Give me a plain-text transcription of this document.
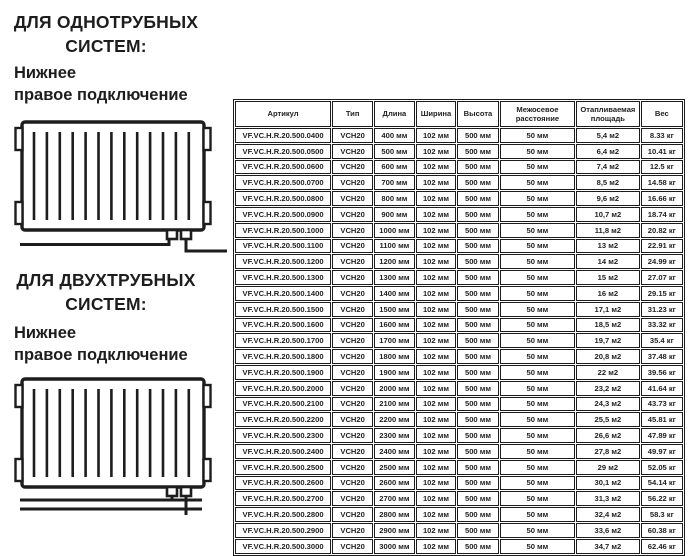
ДЛЯ ОДНОТРУБНЫХ
СИСТЕМ:
Нижнее
правое подключение
ДЛЯ ДВУХТРУБНЫХ
СИСТЕМ:
Нижнее
правое подключение
Артикул	Тип	Длина	Ширина	Высота	Межосевое расстояние	Отапливаемая площадь	Вес
VF.VC.H.R.20.500.0400	VCH20	400 мм	102 мм	500 мм	50 мм	5,4 м2	8.33 кг
VF.VC.H.R.20.500.0500	VCH20	500 мм	102 мм	500 мм	50 мм	6,4 м2	10.41 кг
VF.VC.H.R.20.500.0600	VCH20	600 мм	102 мм	500 мм	50 мм	7,4 м2	12.5 кг
VF.VC.H.R.20.500.0700	VCH20	700 мм	102 мм	500 мм	50 мм	8,5 м2	14.58 кг
VF.VC.H.R.20.500.0800	VCH20	800 мм	102 мм	500 мм	50 мм	9,6 м2	16.66 кг
VF.VC.H.R.20.500.0900	VCH20	900 мм	102 мм	500 мм	50 мм	10,7 м2	18.74 кг
VF.VC.H.R.20.500.1000	VCH20	1000 мм	102 мм	500 мм	50 мм	11,8 м2	20.82 кг
VF.VC.H.R.20.500.1100	VCH20	1100 мм	102 мм	500 мм	50 мм	13 м2	22.91 кг
VF.VC.H.R.20.500.1200	VCH20	1200 мм	102 мм	500 мм	50 мм	14 м2	24.99 кг
VF.VC.H.R.20.500.1300	VCH20	1300 мм	102 мм	500 мм	50 мм	15 м2	27.07 кг
VF.VC.H.R.20.500.1400	VCH20	1400 мм	102 мм	500 мм	50 мм	16 м2	29.15 кг
VF.VC.H.R.20.500.1500	VCH20	1500 мм	102 мм	500 мм	50 мм	17,1 м2	31.23 кг
VF.VC.H.R.20.500.1600	VCH20	1600 мм	102 мм	500 мм	50 мм	18,5 м2	33.32 кг
VF.VC.H.R.20.500.1700	VCH20	1700 мм	102 мм	500 мм	50 мм	19,7 м2	35.4 кг
VF.VC.H.R.20.500.1800	VCH20	1800 мм	102 мм	500 мм	50 мм	20,8 м2	37.48 кг
VF.VC.H.R.20.500.1900	VCH20	1900 мм	102 мм	500 мм	50 мм	22 м2	39.56 кг
VF.VC.H.R.20.500.2000	VCH20	2000 мм	102 мм	500 мм	50 мм	23,2 м2	41.64 кг
VF.VC.H.R.20.500.2100	VCH20	2100 мм	102 мм	500 мм	50 мм	24,3 м2	43.73 кг
VF.VC.H.R.20.500.2200	VCH20	2200 мм	102 мм	500 мм	50 мм	25,5 м2	45.81 кг
VF.VC.H.R.20.500.2300	VCH20	2300 мм	102 мм	500 мм	50 мм	26,6 м2	47.89 кг
VF.VC.H.R.20.500.2400	VCH20	2400 мм	102 мм	500 мм	50 мм	27,8 м2	49.97 кг
VF.VC.H.R.20.500.2500	VCH20	2500 мм	102 мм	500 мм	50 мм	29 м2	52.05 кг
VF.VC.H.R.20.500.2600	VCH20	2600 мм	102 мм	500 мм	50 мм	30,1 м2	54.14 кг
VF.VC.H.R.20.500.2700	VCH20	2700 мм	102 мм	500 мм	50 мм	31,3 м2	56.22 кг
VF.VC.H.R.20.500.2800	VCH20	2800 мм	102 мм	500 мм	50 мм	32,4 м2	58.3 кг
VF.VC.H.R.20.500.2900	VCH20	2900 мм	102 мм	500 мм	50 мм	33,6 м2	60.38 кг
VF.VC.H.R.20.500.3000	VCH20	3000 мм	102 мм	500 мм	50 мм	34,7 м2	62.46 кг
